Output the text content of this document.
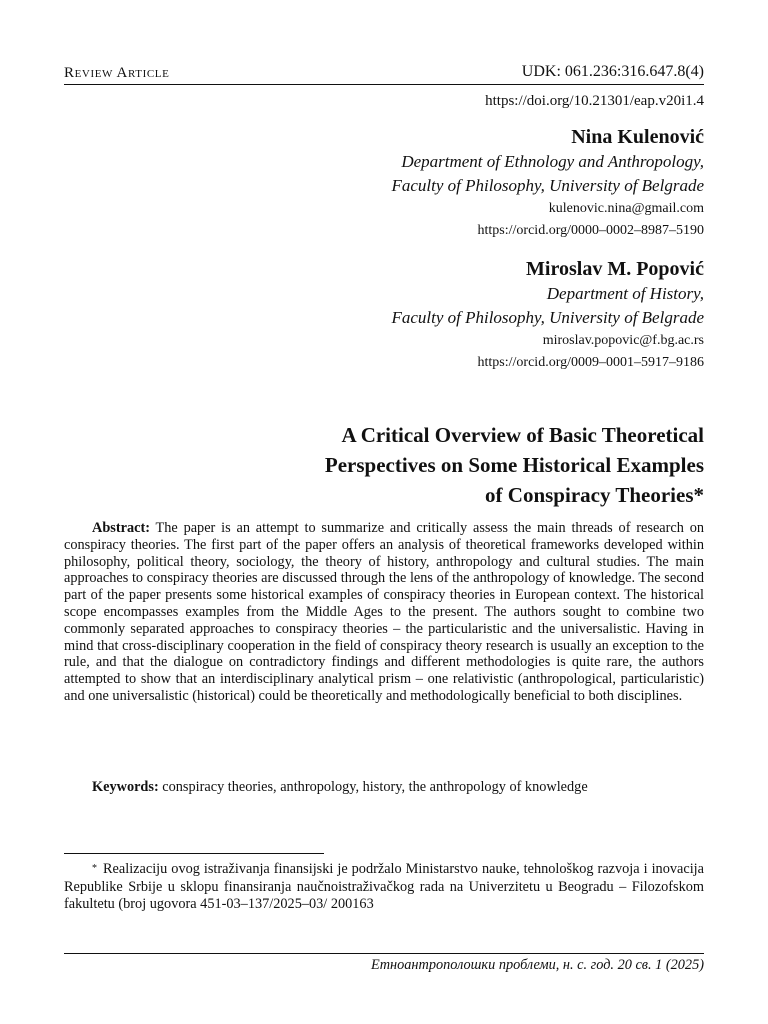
Review Article	UDK: 061.236:316.647.8(4)
https://doi.org/10.21301/eap.v20i1.4
Nina Kulenović
Department of Ethnology and Anthropology,
Faculty of Philosophy, University of Belgrade
kulenovic.nina@gmail.com
https://orcid.org/0000–0002–8987–5190
Miroslav M. Popović
Department of History,
Faculty of Philosophy, University of Belgrade
miroslav.popovic@f.bg.ac.rs
https://orcid.org/0009–0001–5917–9186
A Critical Overview of Basic Theoretical
Perspectives on Some Historical Examples
of Conspiracy Theories*
Abstract: The paper is an attempt to summarize and critically assess the main threads of research on conspiracy theories. The first part of the paper offers an analysis of theoretical frameworks developed within philosophy, political theory, sociology, the theory of history, anthropology and cultural studies. The main approaches to conspiracy theories are discussed through the lens of the anthropology of knowledge. The second part of the paper presents some historical examples of conspiracy theories in European context. The historical scope encompasses examples from the Middle Ages to the present. The authors sought to combine two commonly separated approaches to conspiracy theories – the particularistic and the universalistic. Having in mind that cross-disciplinary cooperation in the field of conspiracy theory research is usually an exception to the rule, and that the dialogue on contradictory findings and different methodologies is quite rare, the authors attempted to show that an interdisciplinary analytical prism – one relativistic (anthropological, particularistic) and one universalistic (historical) could be theoretically and methodologically beneficial to both disciplines.
Keywords: conspiracy theories, anthropology, history, the anthropology of knowledge
* Realizaciju ovog istraživanja finansijski je podržalo Ministarstvo nauke, tehnološkog razvoja i inovacija Republike Srbije u sklopu finansiranja naučnoistraživačkog rada na Univerzitetu u Beogradu – Filozofskom fakultetu (broj ugovora 451-03–137/2025–03/ 200163
Етноантрополошки проблеми, н. с. год. 20 св. 1 (2025)
